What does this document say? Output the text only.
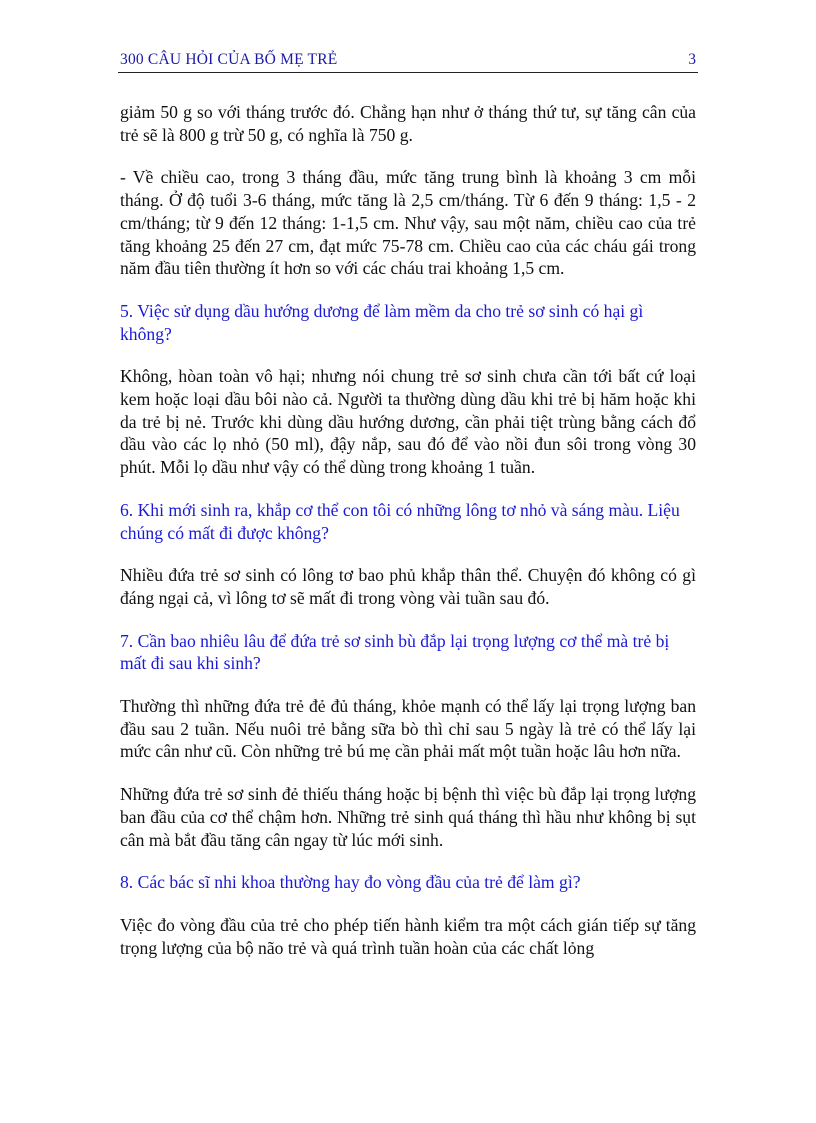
300 CÂU HỎI CỦA BỐ MẸ TRẺ	3

giảm 50 g so với tháng trước đó. Chẳng hạn như ở tháng thứ tư, sự tăng cân của trẻ sẽ là 800 g trừ 50 g, có nghĩa là 750 g.

- Về chiều cao, trong 3 tháng đầu, mức tăng trung bình là khoảng 3 cm mỗi tháng. Ở độ tuổi 3-6 tháng, mức tăng là 2,5 cm/tháng. Từ 6 đến 9 tháng: 1,5 - 2 cm/tháng; từ 9 đến 12 tháng: 1-1,5 cm. Như vậy, sau một năm, chiều cao của trẻ tăng khoảng 25 đến 27 cm, đạt mức 75-78 cm. Chiều cao của các cháu gái trong năm đầu tiên thường ít hơn so với các cháu trai khoảng 1,5 cm.

5. Việc sử dụng dầu hướng dương để làm mềm da cho trẻ sơ sinh có hại gì không?

Không, hòan toàn vô hại; nhưng nói chung trẻ sơ sinh chưa cần tới bất cứ loại kem hoặc loại dầu bôi nào cả. Người ta thường dùng dầu khi trẻ bị hăm hoặc khi da trẻ bị nẻ. Trước khi dùng dầu hướng dương, cần phải tiệt trùng bằng cách đổ dầu vào các lọ nhỏ (50 ml), đậy nắp, sau đó để vào nồi đun sôi trong vòng 30 phút. Mỗi lọ dầu như vậy có thể dùng trong khoảng 1 tuần.

6. Khi mới sinh ra, khắp cơ thể con tôi có những lông tơ nhỏ và sáng màu. Liệu chúng có mất đi được không?

Nhiều đứa trẻ sơ sinh có lông tơ bao phủ khắp thân thể. Chuyện đó không có gì đáng ngại cả, vì lông tơ sẽ mất đi trong vòng vài tuần sau đó.

7. Cần bao nhiêu lâu để đứa trẻ sơ sinh bù đắp lại trọng lượng cơ thể mà trẻ bị mất đi sau khi sinh?

Thường thì những đứa trẻ đẻ đủ tháng, khỏe mạnh có thể lấy lại trọng lượng ban đầu sau 2 tuần. Nếu nuôi trẻ bằng sữa bò thì chỉ sau 5 ngày là trẻ có thể lấy lại mức cân như cũ. Còn những trẻ bú mẹ cần phải mất một tuần hoặc lâu hơn nữa.

Những đứa trẻ sơ sinh đẻ thiếu tháng hoặc bị bệnh thì việc bù đắp lại trọng lượng ban đầu của cơ thể chậm hơn. Những trẻ sinh quá tháng thì hầu như không bị sụt cân mà bắt đầu tăng cân ngay từ lúc mới sinh.

8. Các bác sĩ nhi khoa thường hay đo vòng đầu của trẻ để làm gì?

Việc đo vòng đầu của trẻ cho phép tiến hành kiểm tra một cách gián tiếp sự tăng trọng lượng của bộ não trẻ và quá trình tuần hoàn của các chất lỏng
